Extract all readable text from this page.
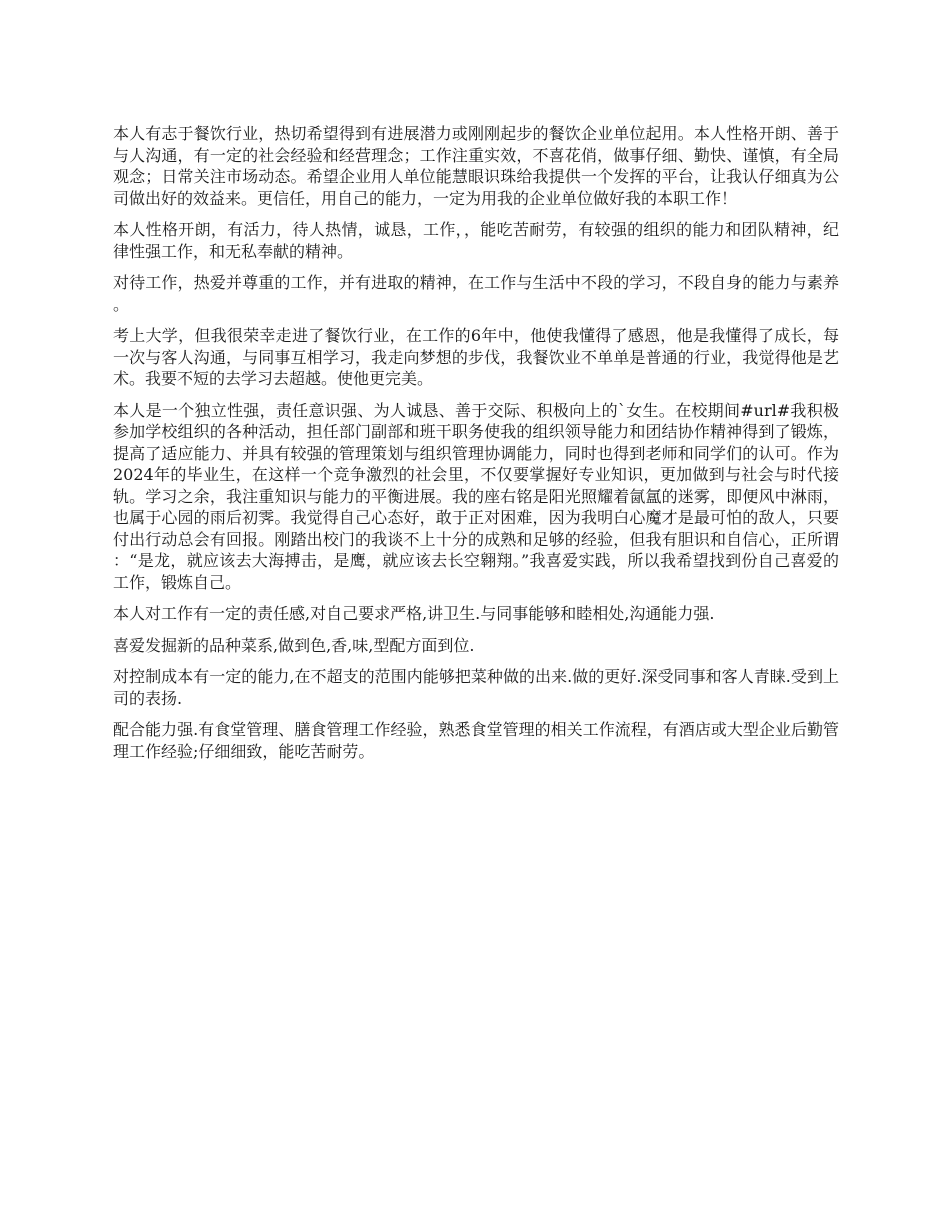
本人有志于餐饮行业，热切希望得到有进展潜力或刚刚起步的餐饮企业单位起用。本人性格开朗、善于与人沟通，有一定的社会经验和经营理念；工作注重实效，不喜花俏，做事仔细、勤快、谨慎，有全局观念；日常关注市场动态。希望企业用人单位能慧眼识珠给我提供一个发挥的平台，让我认仔细真为公司做出好的效益来。更信任，用自己的能力，一定为用我的企业单位做好我的本职工作！

本人性格开朗，有活力，待人热情，诚恳，工作，，能吃苦耐劳，有较强的组织的能力和团队精神，纪律性强工作，和无私奉献的精神。

对待工作，热爱并尊重的工作，并有进取的精神，在工作与生活中不段的学习，不段自身的能力与素养。

考上大学，但我很荣幸走进了餐饮行业，在工作的6年中，他使我懂得了感恩，他是我懂得了成长，每一次与客人沟通，与同事互相学习，我走向梦想的步伐，我餐饮业不单单是普通的行业，我觉得他是艺术。我要不短的去学习去超越。使他更完美。

本人是一个独立性强，责任意识强、为人诚恳、善于交际、积极向上的`女生。在校期间#url#我积极参加学校组织的各种活动，担任部门副部和班干职务使我的组织领导能力和团结协作精神得到了锻炼，提高了适应能力、并具有较强的管理策划与组织管理协调能力，同时也得到老师和同学们的认可。作为2024年的毕业生，在这样一个竞争激烈的社会里，不仅要掌握好专业知识，更加做到与社会与时代接轨。学习之余，我注重知识与能力的平衡进展。我的座右铭是阳光照耀着氤氲的迷雾，即便风中淋雨，也属于心园的雨后初霁。我觉得自己心态好，敢于正对困难，因为我明白心魔才是最可怕的敌人，只要付出行动总会有回报。刚踏出校门的我谈不上十分的成熟和足够的经验，但我有胆识和自信心，正所谓：“是龙，就应该去大海搏击，是鹰，就应该去长空翱翔。”我喜爱实践，所以我希望找到份自己喜爱的工作，锻炼自己。

本人对工作有一定的责任感,对自己要求严格,讲卫生.与同事能够和睦相处,沟通能力强.

喜爱发掘新的品种菜系,做到色,香,味,型配方面到位.

对控制成本有一定的能力,在不超支的范围内能够把菜种做的出来.做的更好.深受同事和客人青睐.受到上司的表扬.

配合能力强.有食堂管理、膳食管理工作经验，熟悉食堂管理的相关工作流程，有酒店或大型企业后勤管理工作经验;仔细细致，能吃苦耐劳。
